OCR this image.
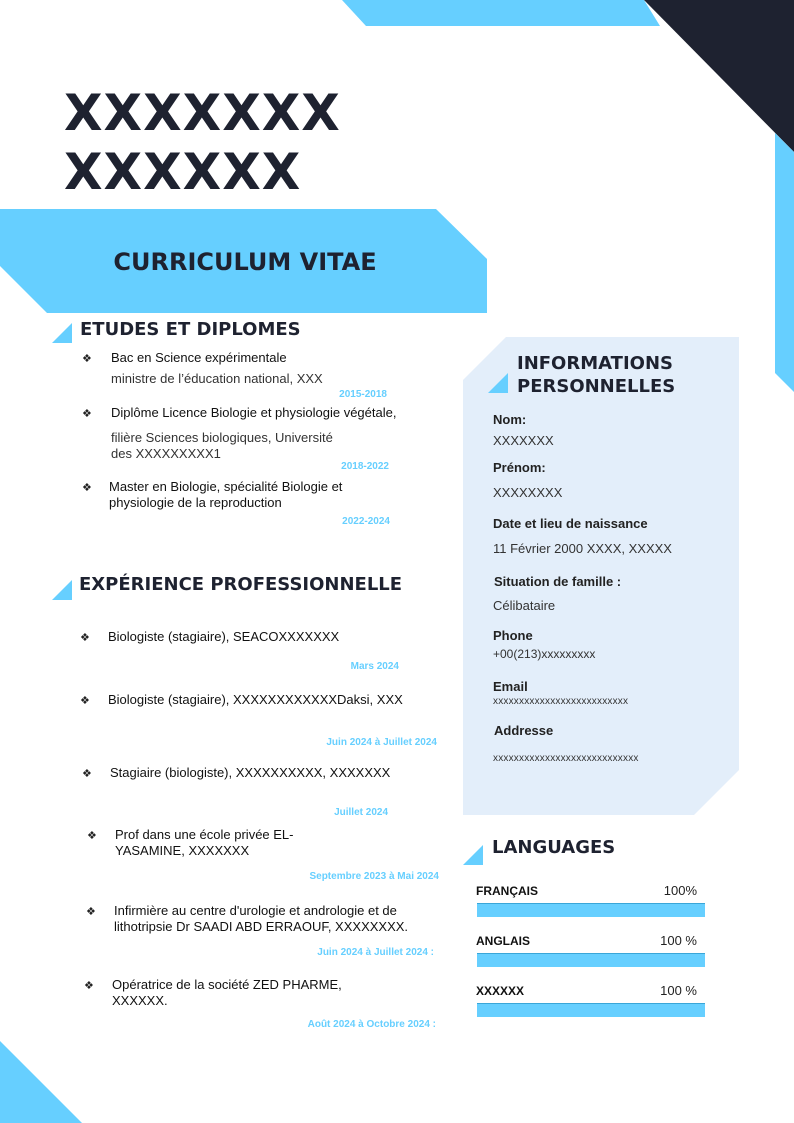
XXXXXXX
XXXXXX
CURRICULUM VITAE
ETUDES ET DIPLOMES
❖ Bac en Science expérimentale
ministre de l’éducation national, XXX
2015-2018
❖ Diplôme Licence Biologie et physiologie végétale,
filière Sciences biologiques, Université
des XXXXXXXXX1
2018-2022
❖ Master en Biologie, spécialité Biologie et
physiologie de la reproduction
2022-2024
EXPÉRIENCE PROFESSIONNELLE
❖ Biologiste (stagiaire), SEACOXXXXXXX
Mars 2024
❖ Biologiste (stagiaire), XXXXXXXXXXXXDaksi, XXX
Juin 2024 à Juillet 2024
❖ Stagiaire (biologiste), XXXXXXXXXX, XXXXXXX
Juillet 2024
❖ Prof dans une école privée EL-
YASAMINE, XXXXXXX
Septembre 2023 à Mai 2024
❖ Infirmière au centre d'urologie et andrologie et de
lithotripsie Dr SAADI ABD ERRAOUF, XXXXXXXX.
Juin 2024 à Juillet 2024 :
❖ Opératrice de la société ZED PHARME,
XXXXXX.
Août 2024 à Octobre 2024 :
INFORMATIONS
PERSONNELLES
Nom:
XXXXXXX
Prénom:
XXXXXXXX
Date et lieu de naissance
11 Février 2000 XXXX, XXXXX
Situation de famille :
Célibataire
Phone
+00(213)xxxxxxxxx
Email
xxxxxxxxxxxxxxxxxxxxxxxxxx
Addresse
xxxxxxxxxxxxxxxxxxxxxxxxxxxx
LANGUAGES
FRANÇAIS	100%
ANGLAIS	100 %
XXXXXX	100 %
